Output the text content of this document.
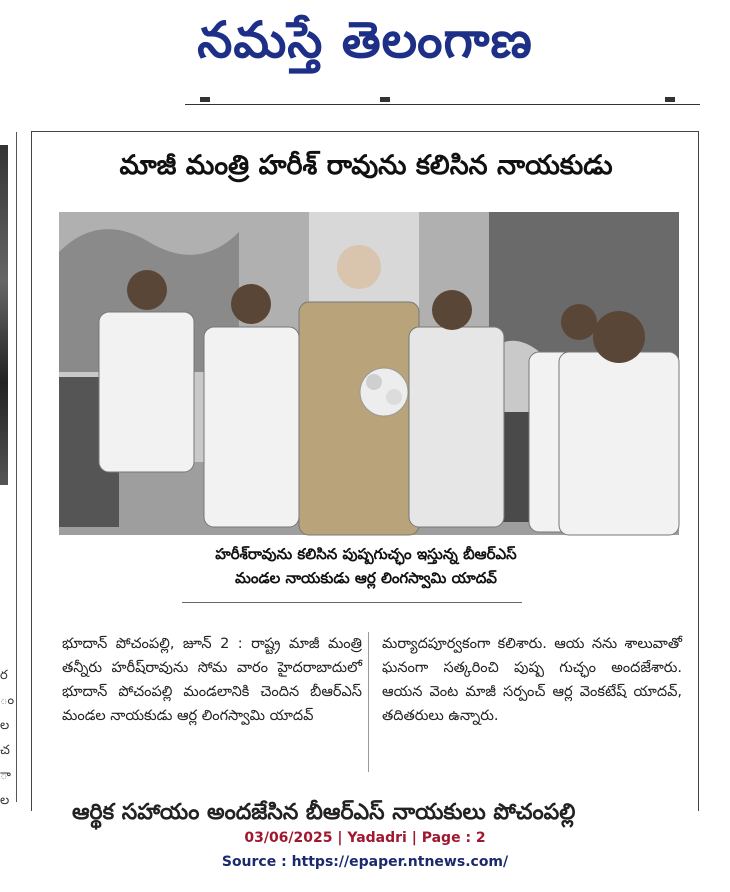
నమస్తే తెలంగాణ
ర
ం
ల
చ
ా
ల
మాజీ మంత్రి హరీశ్ రావును కలిసిన నాయకుడు
హరీశ్‌రావును కలిసిన పుష్పగుచ్ఛం ఇస్తున్న బీఆర్ఎస్
మండల నాయకుడు ఆర్ల లింగస్వామి యాదవ్
భూదాన్ పోచంపల్లి, జూన్ 2 : రాష్ట్ర మాజీ మంత్రి తన్నీరు హరీష్‌రావును సోమ వారం హైదరాబాదులో భూదాన్ పోచంపల్లి మండలానికి చెందిన బీఆర్ఎస్ మండల నాయకుడు ఆర్ల లింగస్వామి యాదవ్
మర్యాదపూర్వకంగా కలిశారు. ఆయ నను శాలువాతో ఘనంగా సత్కరించి పుష్ప గుచ్ఛం అందజేశారు. ఆయన వెంట మాజీ సర్పంచ్ ఆర్ల వెంకటేష్ యాదవ్, తదితరులు ఉన్నారు.
ఆర్థిక సహాయం అందజేసిన బీఆర్ఎస్ నాయకులు పోచంపల్లి
03/06/2025 | Yadadri | Page : 2
Source : https://epaper.ntnews.com/
